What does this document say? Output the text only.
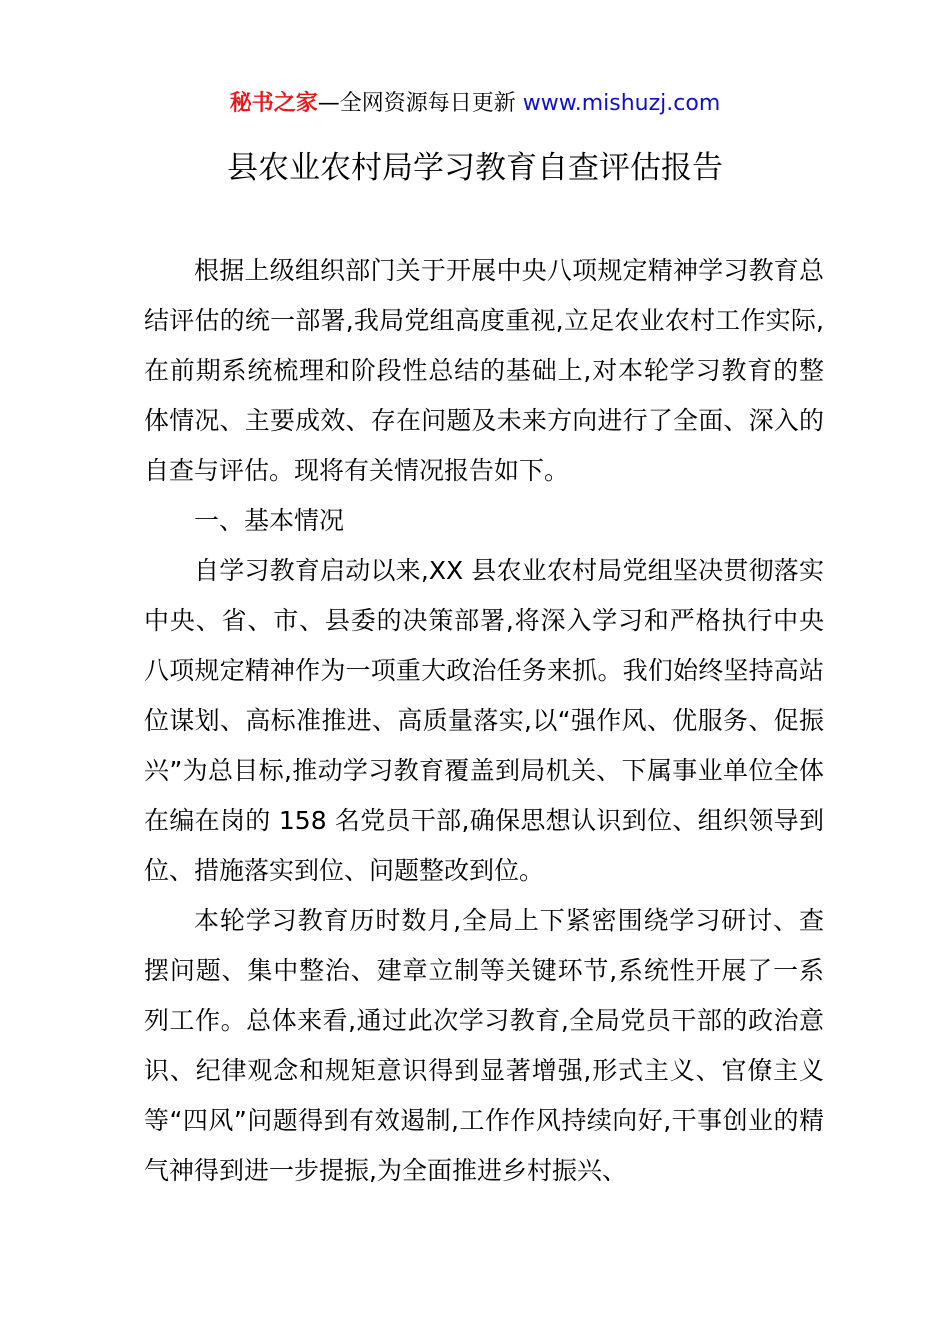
秘书之家—全网资源每日更新 www.mishuzj.com
县农业农村局学习教育自查评估报告

根据上级组织部门关于开展中央八项规定精神学习教育总结评估的统一部署,我局党组高度重视,立足农业农村工作实际,在前期系统梳理和阶段性总结的基础上,对本轮学习教育的整体情况、主要成效、存在问题及未来方向进行了全面、深入的自查与评估。现将有关情况报告如下。

一、基本情况

自学习教育启动以来,XX 县农业农村局党组坚决贯彻落实中央、省、市、县委的决策部署,将深入学习和严格执行中央八项规定精神作为一项重大政治任务来抓。我们始终坚持高站位谋划、高标准推进、高质量落实,以“强作风、优服务、促振兴”为总目标,推动学习教育覆盖到局机关、下属事业单位全体在编在岗的 158 名党员干部,确保思想认识到位、组织领导到位、措施落实到位、问题整改到位。

本轮学习教育历时数月,全局上下紧密围绕学习研讨、查摆问题、集中整治、建章立制等关键环节,系统性开展了一系列工作。总体来看,通过此次学习教育,全局党员干部的政治意识、纪律观念和规矩意识得到显著增强,形式主义、官僚主义等“四风”问题得到有效遏制,工作作风持续向好,干事创业的精气神得到进一步提振,为全面推进乡村振兴、
